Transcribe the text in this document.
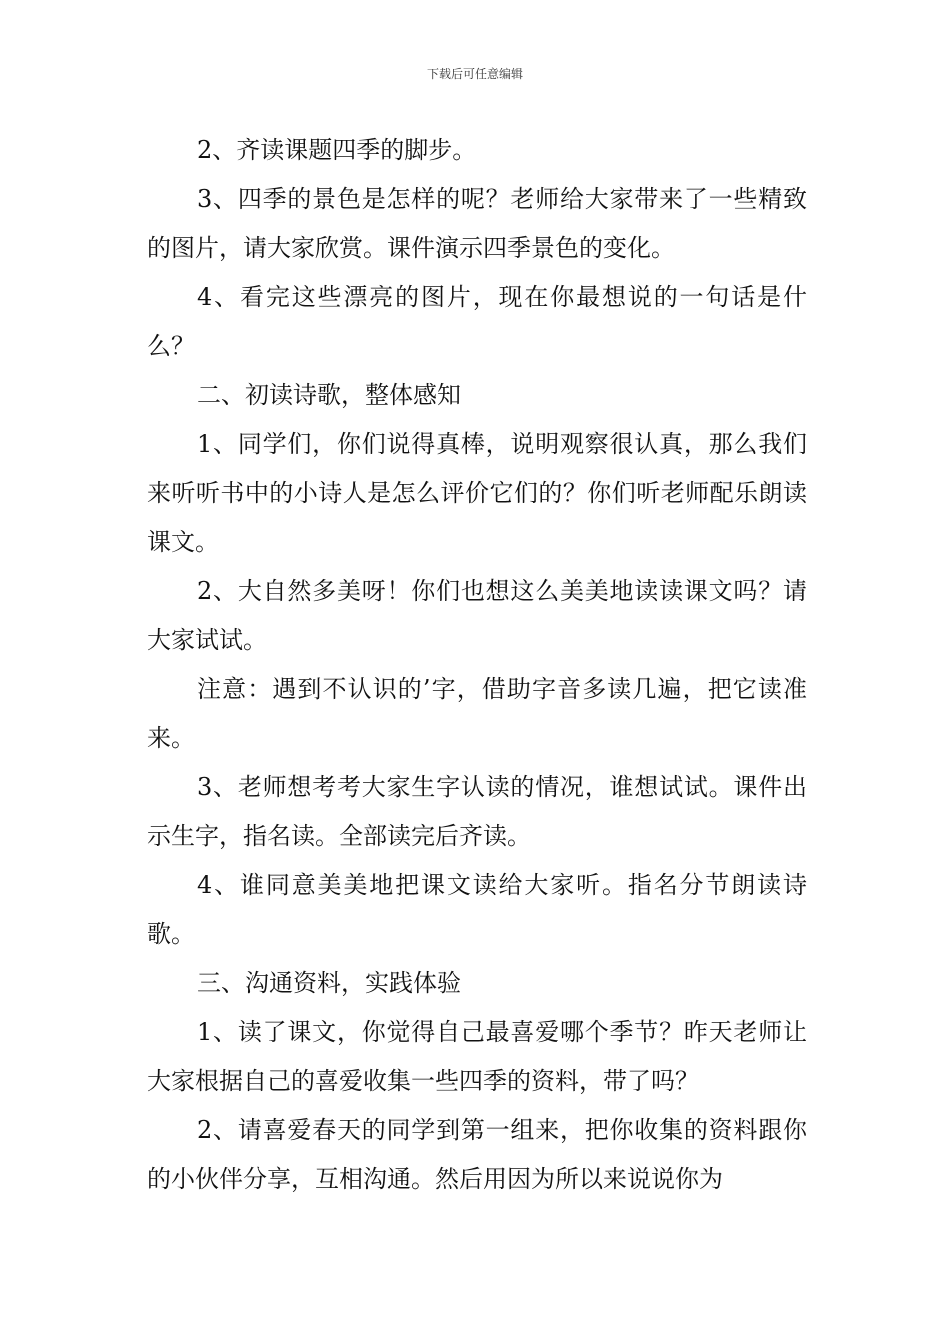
下载后可任意编辑

2、齐读课题四季的脚步。

3、四季的景色是怎样的呢？老师给大家带来了一些精致的图片，请大家欣赏。课件演示四季景色的变化。

4、看完这些漂亮的图片，现在你最想说的一句话是什么？

二、初读诗歌，整体感知

1、同学们，你们说得真棒，说明观察很认真，那么我们来听听书中的小诗人是怎么评价它们的？你们听老师配乐朗读课文。

2、大自然多美呀！你们也想这么美美地读读课文吗？请大家试试。

注意：遇到不认识的’字，借助字音多读几遍，把它读准来。

3、老师想考考大家生字认读的情况，谁想试试。课件出示生字，指名读。全部读完后齐读。

4、谁同意美美地把课文读给大家听。指名分节朗读诗歌。

三、沟通资料，实践体验

1、读了课文，你觉得自己最喜爱哪个季节？昨天老师让大家根据自己的喜爱收集一些四季的资料，带了吗？

2、请喜爱春天的同学到第一组来，把你收集的资料跟你的小伙伴分享，互相沟通。然后用因为所以来说说你为
